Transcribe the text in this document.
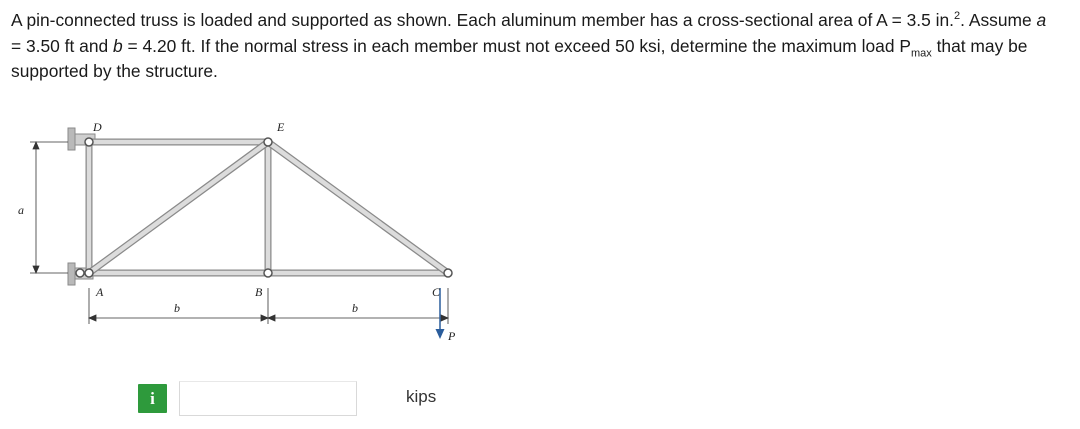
A pin-connected truss is loaded and supported as shown. Each aluminum member has a cross-sectional area of A = 3.5 in.$^2$. Assume a = 3.50 ft and b = 4.20 ft. If the normal stress in each member must not exceed 50 ksi, determine the maximum load $P_{max}$ that may be supported by the structure.

a
b	b
P
D	E
A	B	C
i	kips
